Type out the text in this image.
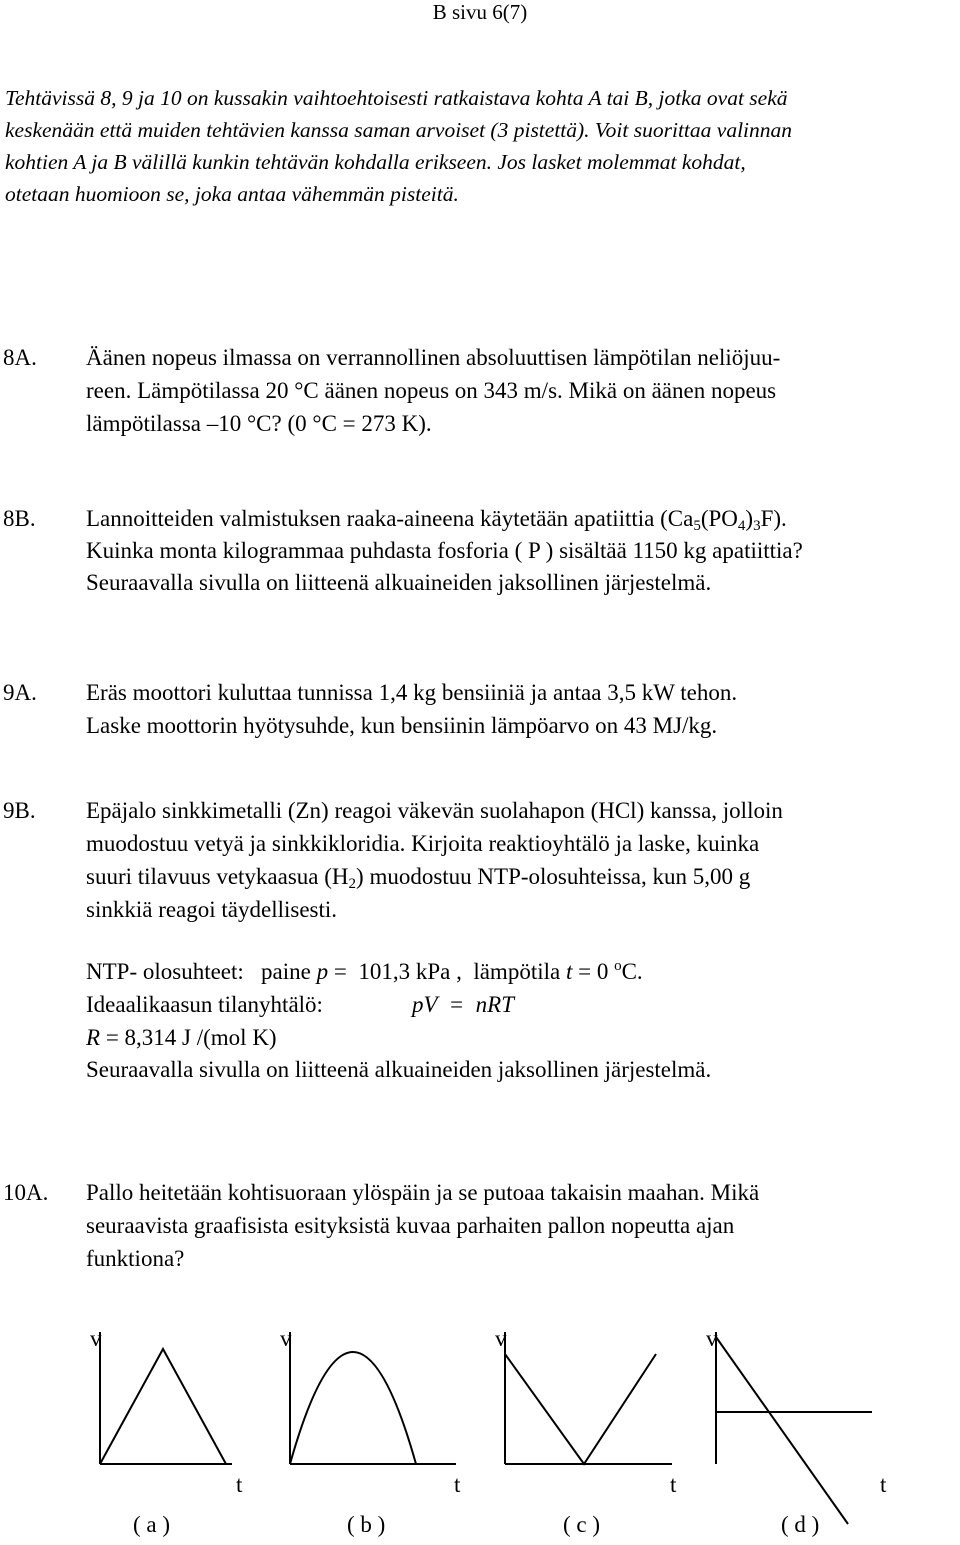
B sivu 6(7)
Tehtävissä 8, 9 ja 10 on kussakin vaihtoehtoisesti ratkaistava kohta A tai B, jotka ovat sekä
keskenään että muiden tehtävien kanssa saman arvoiset (3 pistettä). Voit suorittaa valinnan
kohtien A ja B välillä kunkin tehtävän kohdalla erikseen. Jos lasket molemmat kohdat,
otetaan huomioon se, joka antaa vähemmän pisteitä.
8A. Äänen nopeus ilmassa on verrannollinen absoluuttisen lämpötilan neliöjuu-
reen. Lämpötilassa 20 °C äänen nopeus on 343 m/s. Mikä on äänen nopeus
lämpötilassa –10 °C? (0 °C = 273 K).
8B. Lannoitteiden valmistuksen raaka-aineena käytetään apatiittia $(Ca_5(PO_4)_3F)$.
Kuinka monta kilogrammaa puhdasta fosforia ( P ) sisältää 1150 kg apatiittia?
Seuraavalla sivulla on liitteenä alkuaineiden jaksollinen järjestelmä.
9A. Eräs moottori kuluttaa tunnissa 1,4 kg bensiiniä ja antaa 3,5 kW tehon.
Laske moottorin hyötysuhde, kun bensiinin lämpöarvo on 43 MJ/kg.
9B. Epäjalo sinkkimetalli (Zn) reagoi väkevän suolahapon (HCl) kanssa, jolloin
muodostuu vetyä ja sinkkikloridia. Kirjoita reaktioyhtälö ja laske, kuinka
suuri tilavuus vetykaasua $(H_2)$ muodostuu NTP-olosuhteissa, kun 5,00 g
sinkkiä reagoi täydellisesti.
NTP- olosuhteet:   paine p =  101,3 kPa ,  lämpötila t = 0 $^o$C.
Ideaalikaasun tilanyhtälö:	pV  =  nRT
R = 8,314 J /(mol K)
Seuraavalla sivulla on liitteenä alkuaineiden jaksollinen järjestelmä.
10A. Pallo heitetään kohtisuoraan ylöspäin ja se putoaa takaisin maahan. Mikä
seuraavista graafisista esityksistä kuvaa parhaiten pallon nopeutta ajan
funktiona?
v
t
v
t
v
t
v
t
( a )	( b )	( c )	( d )
